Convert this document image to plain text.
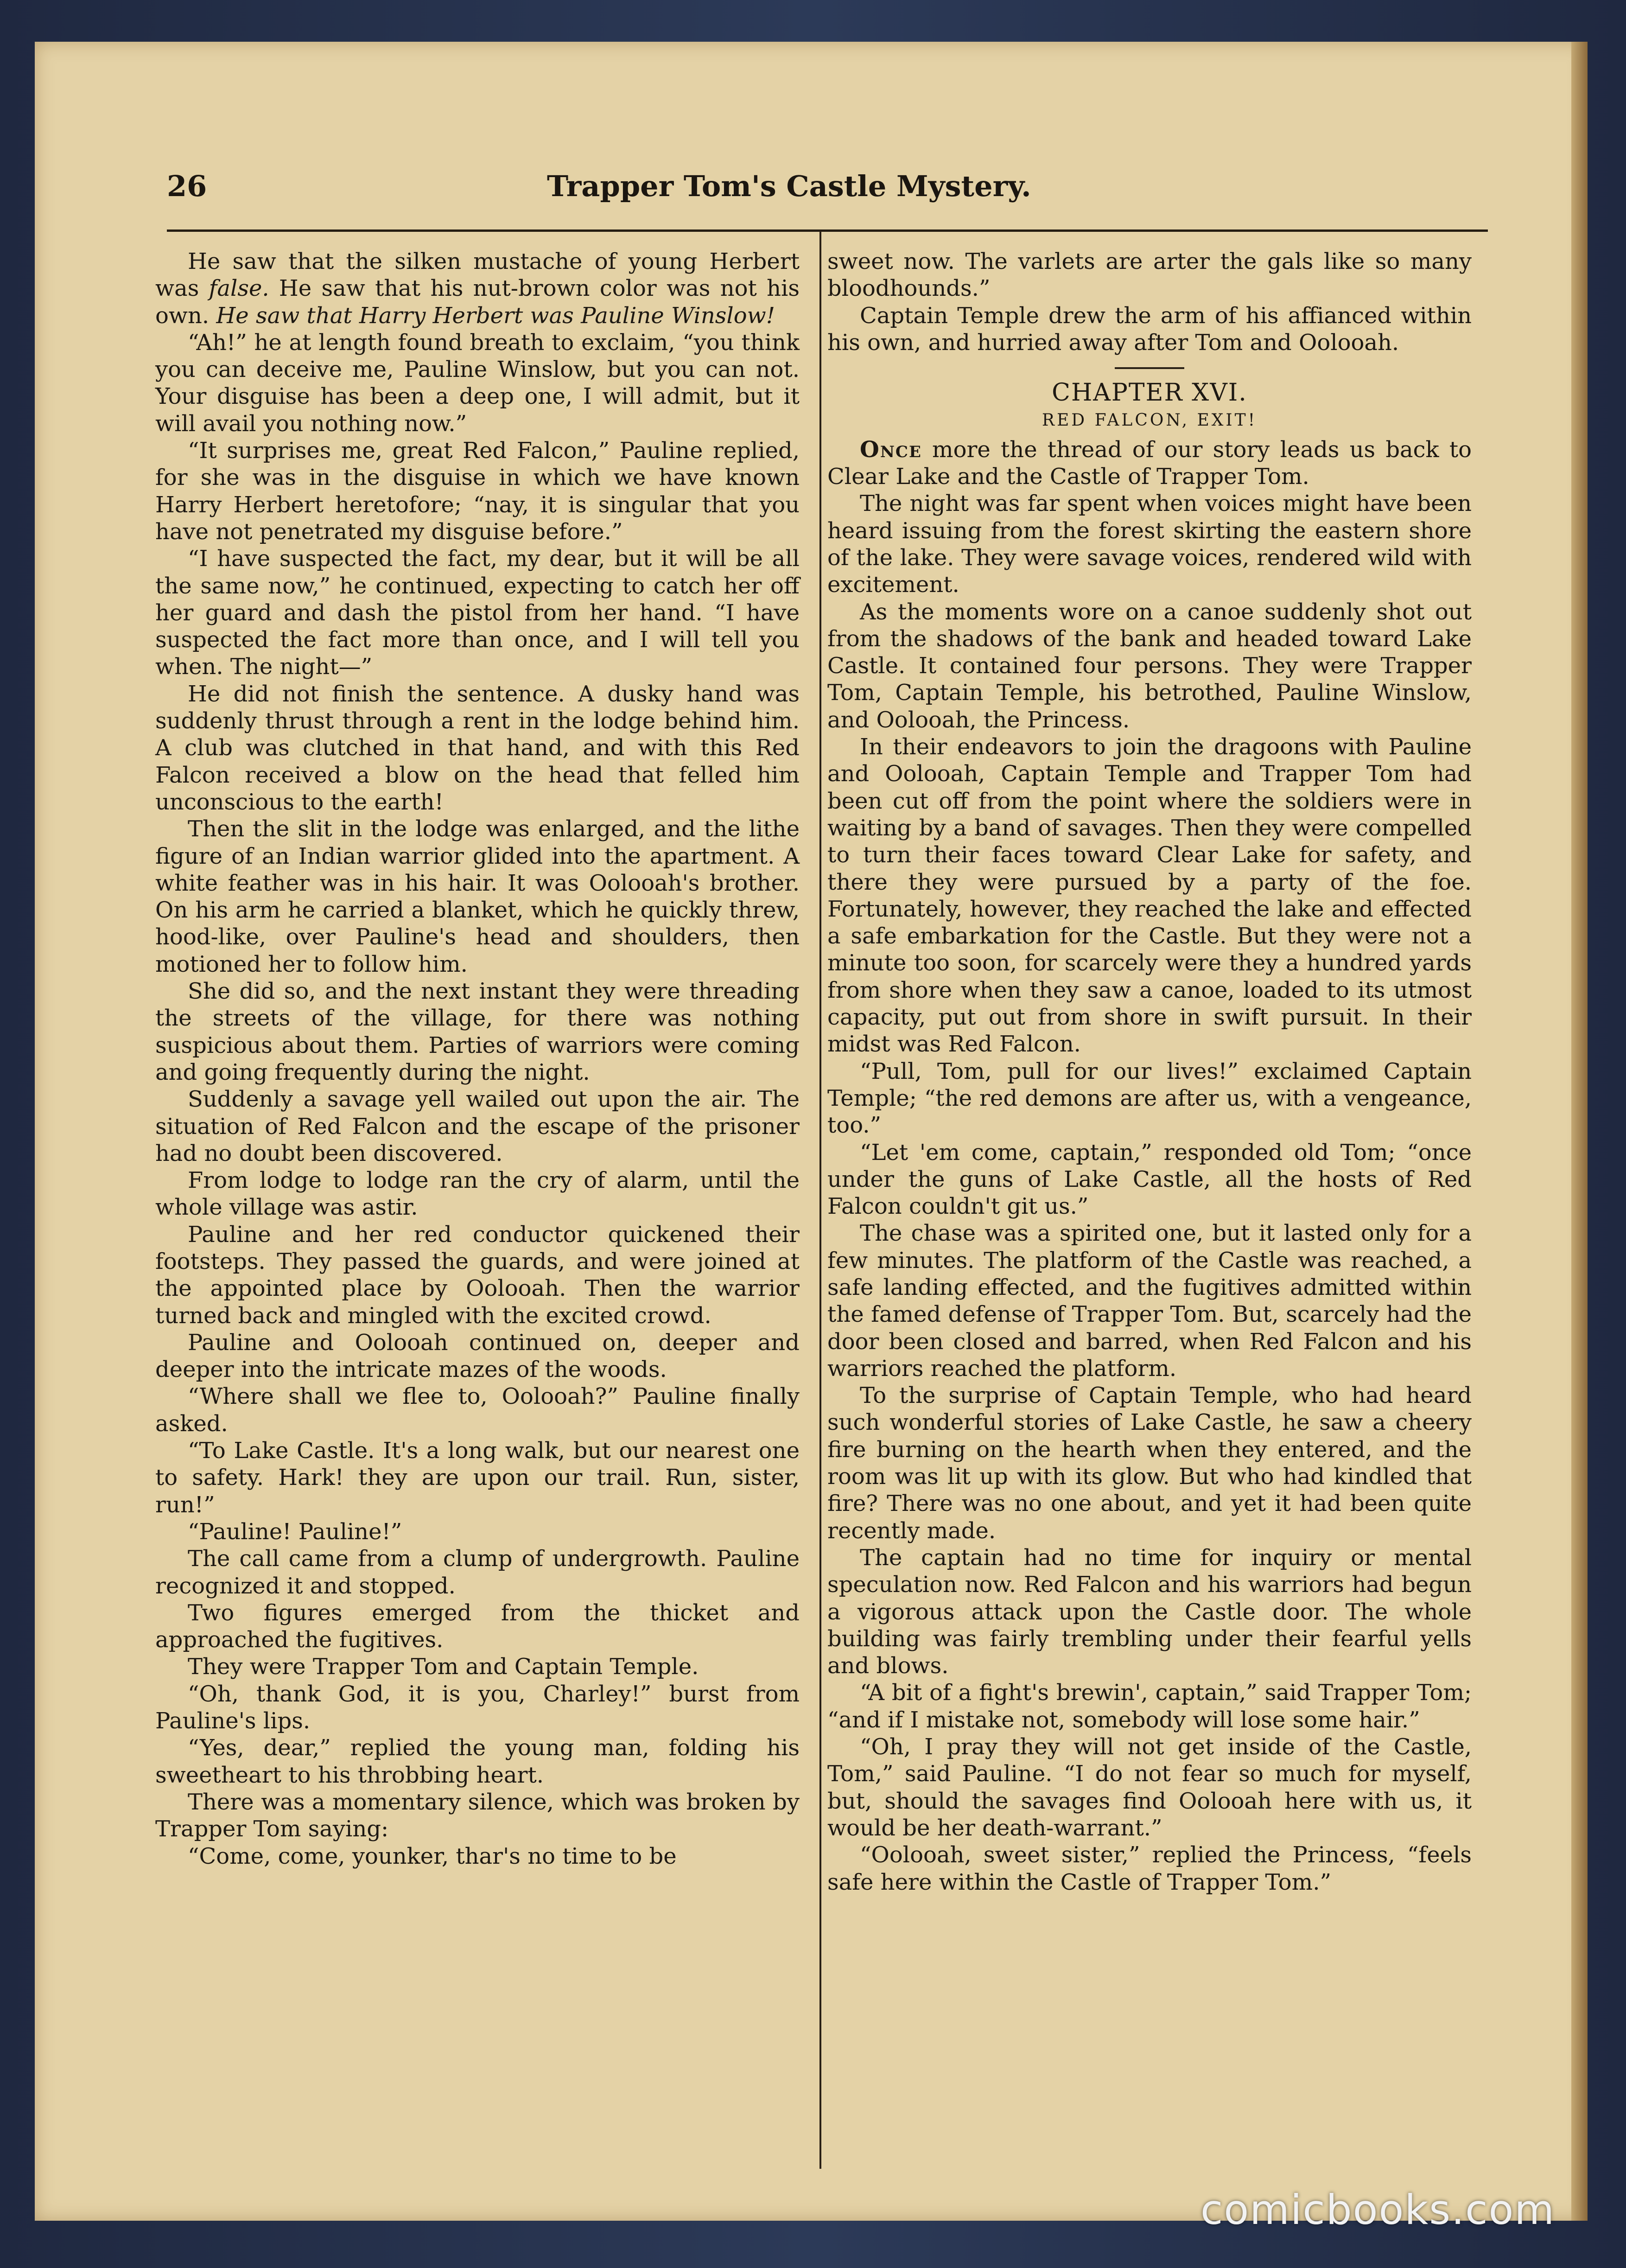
26	Trapper Tom's Castle Mystery.

He saw that the silken mustache of young Herbert was false. He saw that his nut-brown color was not his own. He saw that Harry Herbert was Pauline Winslow!

“Ah!” he at length found breath to exclaim, “you think you can deceive me, Pauline Winslow, but you can not. Your disguise has been a deep one, I will admit, but it will avail you nothing now.”

“It surprises me, great Red Falcon,” Pauline replied, for she was in the disguise in which we have known Harry Herbert heretofore; “nay, it is singular that you have not penetrated my disguise before.”

“I have suspected the fact, my dear, but it will be all the same now,” he continued, expecting to catch her off her guard and dash the pistol from her hand. “I have suspected the fact more than once, and I will tell you when. The night—”

He did not finish the sentence. A dusky hand was suddenly thrust through a rent in the lodge behind him. A club was clutched in that hand, and with this Red Falcon received a blow on the head that felled him unconscious to the earth!

Then the slit in the lodge was enlarged, and the lithe figure of an Indian warrior glided into the apartment. A white feather was in his hair. It was Oolooah's brother. On his arm he carried a blanket, which he quickly threw, hood-like, over Pauline's head and shoulders, then motioned her to follow him.

She did so, and the next instant they were threading the streets of the village, for there was nothing suspicious about them. Parties of warriors were coming and going frequently during the night.

Suddenly a savage yell wailed out upon the air. The situation of Red Falcon and the escape of the prisoner had no doubt been discovered.

From lodge to lodge ran the cry of alarm, until the whole village was astir.

Pauline and her red conductor quickened their footsteps. They passed the guards, and were joined at the appointed place by Oolooah. Then the warrior turned back and mingled with the excited crowd.

Pauline and Oolooah continued on, deeper and deeper into the intricate mazes of the woods.

“Where shall we flee to, Oolooah?” Pauline finally asked.

“To Lake Castle. It's a long walk, but our nearest one to safety. Hark! they are upon our trail. Run, sister, run!”

“Pauline! Pauline!”

The call came from a clump of undergrowth. Pauline recognized it and stopped.

Two figures emerged from the thicket and approached the fugitives.

They were Trapper Tom and Captain Temple.

“Oh, thank God, it is you, Charley!” burst from Pauline's lips.

“Yes, dear,” replied the young man, folding his sweetheart to his throbbing heart.

There was a momentary silence, which was broken by Trapper Tom saying:

“Come, come, younker, thar's no time to be

sweet now. The varlets are arter the gals like so many bloodhounds.”

Captain Temple drew the arm of his affianced within his own, and hurried away after Tom and Oolooah.

CHAPTER XVI.
RED FALCON, EXIT!

Once more the thread of our story leads us back to Clear Lake and the Castle of Trapper Tom.

The night was far spent when voices might have been heard issuing from the forest skirting the eastern shore of the lake. They were savage voices, rendered wild with excitement.

As the moments wore on a canoe suddenly shot out from the shadows of the bank and headed toward Lake Castle. It contained four persons. They were Trapper Tom, Captain Temple, his betrothed, Pauline Winslow, and Oolooah, the Princess.

In their endeavors to join the dragoons with Pauline and Oolooah, Captain Temple and Trapper Tom had been cut off from the point where the soldiers were in waiting by a band of savages. Then they were compelled to turn their faces toward Clear Lake for safety, and there they were pursued by a party of the foe. Fortunately, however, they reached the lake and effected a safe embarkation for the Castle. But they were not a minute too soon, for scarcely were they a hundred yards from shore when they saw a canoe, loaded to its utmost capacity, put out from shore in swift pursuit. In their midst was Red Falcon.

“Pull, Tom, pull for our lives!” exclaimed Captain Temple; “the red demons are after us, with a vengeance, too.”

“Let 'em come, captain,” responded old Tom; “once under the guns of Lake Castle, all the hosts of Red Falcon couldn't git us.”

The chase was a spirited one, but it lasted only for a few minutes. The platform of the Castle was reached, a safe landing effected, and the fugitives admitted within the famed defense of Trapper Tom. But, scarcely had the door been closed and barred, when Red Falcon and his warriors reached the platform.

To the surprise of Captain Temple, who had heard such wonderful stories of Lake Castle, he saw a cheery fire burning on the hearth when they entered, and the room was lit up with its glow. But who had kindled that fire? There was no one about, and yet it had been quite recently made.

The captain had no time for inquiry or mental speculation now. Red Falcon and his warriors had begun a vigorous attack upon the Castle door. The whole building was fairly trembling under their fearful yells and blows.

“A bit of a fight's brewin', captain,” said Trapper Tom; “and if I mistake not, somebody will lose some hair.”

“Oh, I pray they will not get inside of the Castle, Tom,” said Pauline. “I do not fear so much for myself, but, should the savages find Oolooah here with us, it would be her death-warrant.”

“Oolooah, sweet sister,” replied the Princess, “feels safe here within the Castle of Trapper Tom.”

comicbooks.com
